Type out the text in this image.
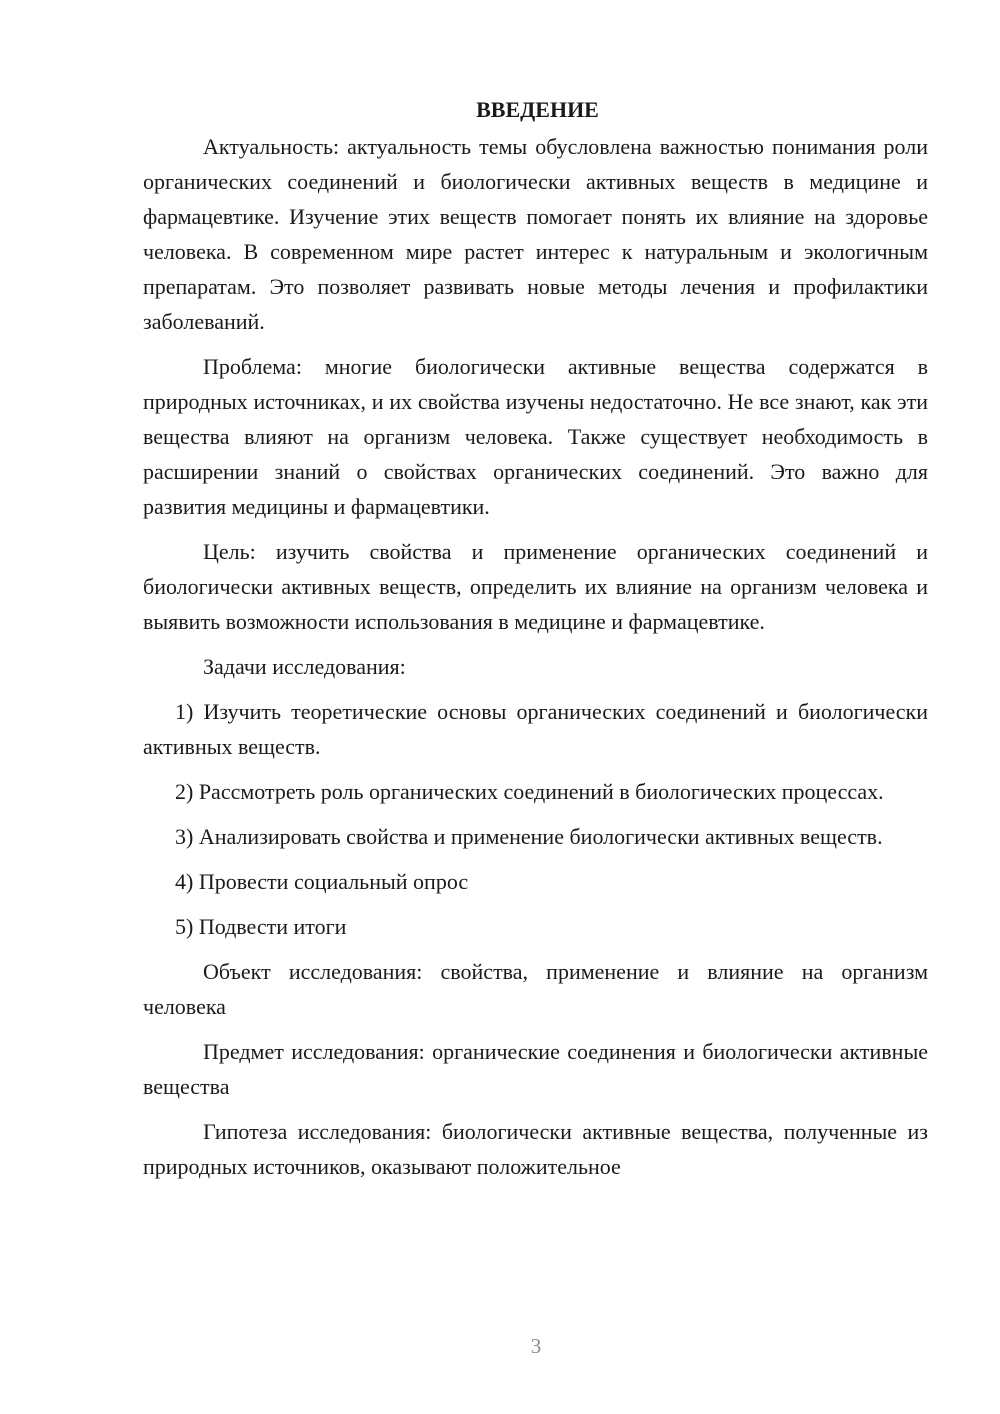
ВВЕДЕНИЕ

Актуальность: актуальность темы обусловлена важностью понимания роли органических соединений и биологически активных веществ в медицине и фармацевтике. Изучение этих веществ помогает понять их влияние на здоровье человека. В современном мире растет интерес к натуральным и экологичным препаратам. Это позволяет развивать новые методы лечения и профилактики заболеваний.

Проблема: многие биологически активные вещества содержатся в природных источниках, и их свойства изучены недостаточно. Не все знают, как эти вещества влияют на организм человека. Также существует необходимость в расширении знаний о свойствах органических соединений. Это важно для развития медицины и фармацевтики.

Цель: изучить свойства и применение органических соединений и биологически активных веществ, определить их влияние на организм человека и выявить возможности использования в медицине и фармацевтике.

Задачи исследования:

1) Изучить теоретические основы органических соединений и биологически активных веществ.

2) Рассмотреть роль органических соединений в биологических процессах.

3) Анализировать свойства и применение биологически активных веществ.

4) Провести социальный опрос

5) Подвести итоги

Объект исследования: свойства, применение и влияние на организм человека

Предмет исследования: органические соединения и биологически активные вещества

Гипотеза исследования: биологически активные вещества, полученные из природных источников, оказывают положительное

3
